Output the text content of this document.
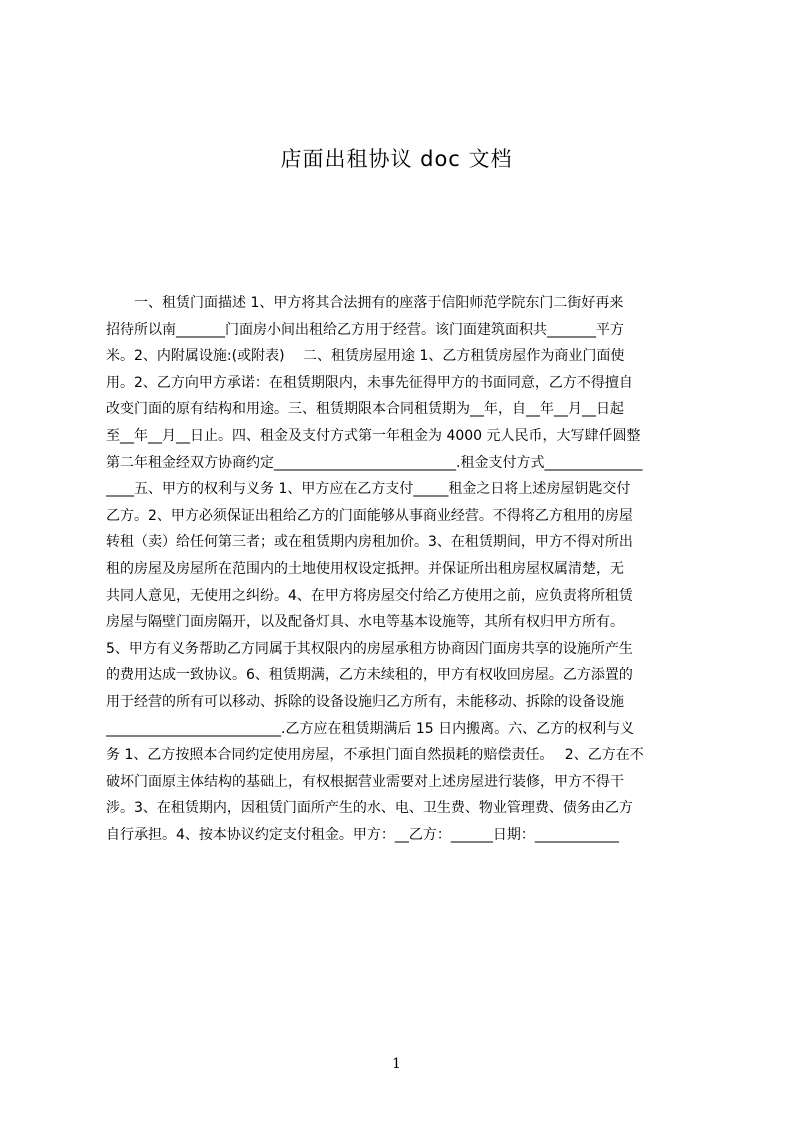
店面出租协议 doc 文档
　　一、租赁门面描述 1、甲方将其合法拥有的座落于信阳师范学院东门二街好再来
招待所以南_______门面房小间出租给乙方用于经营。该门面建筑面积共_______平方
米。2、内附属设施:(或附表)　 二、租赁房屋用途 1、乙方租赁房屋作为商业门面使
用。2、乙方向甲方承诺：在租赁期限内，未事先征得甲方的书面同意，乙方不得擅自
改变门面的原有结构和用途。三、租赁期限本合同租赁期为__年，自__年__月__日起
至__年__月__日止。四、租金及支付方式第一年租金为 4000 元人民币，大写肆仟圆整
第二年租金经双方协商约定__________________________.租金支付方式______________
____五、甲方的权利与义务 1、甲方应在乙方支付_____租金之日将上述房屋钥匙交付
乙方。2、甲方必须保证出租给乙方的门面能够从事商业经营。不得将乙方租用的房屋
转租（卖）给任何第三者；或在租赁期内房租加价。3、在租赁期间，甲方不得对所出
租的房屋及房屋所在范围内的土地使用权设定抵押。并保证所出租房屋权属清楚，无
共同人意见，无使用之纠纷。4、在甲方将房屋交付给乙方使用之前，应负责将所租赁
房屋与隔壁门面房隔开，以及配备灯具、水电等基本设施等，其所有权归甲方所有。
5、甲方有义务帮助乙方同属于其权限内的房屋承租方协商因门面房共享的设施所产生
的费用达成一致协议。6、租赁期满，乙方未续租的，甲方有权收回房屋。乙方添置的
用于经营的所有可以移动、拆除的设备设施归乙方所有，未能移动、拆除的设备设施
_________________________.乙方应在租赁期满后 15 日内搬离。六、乙方的权利与义
务 1、乙方按照本合同约定使用房屋，不承担门面自然损耗的赔偿责任。　 2、乙方在不
破坏门面原主体结构的基础上，有权根据营业需要对上述房屋进行装修，甲方不得干
涉。3、在租赁期内，因租赁门面所产生的水、电、卫生费、物业管理费、债务由乙方
自行承担。4、按本协议约定支付租金。甲方：__乙方：______日期：____________
1
